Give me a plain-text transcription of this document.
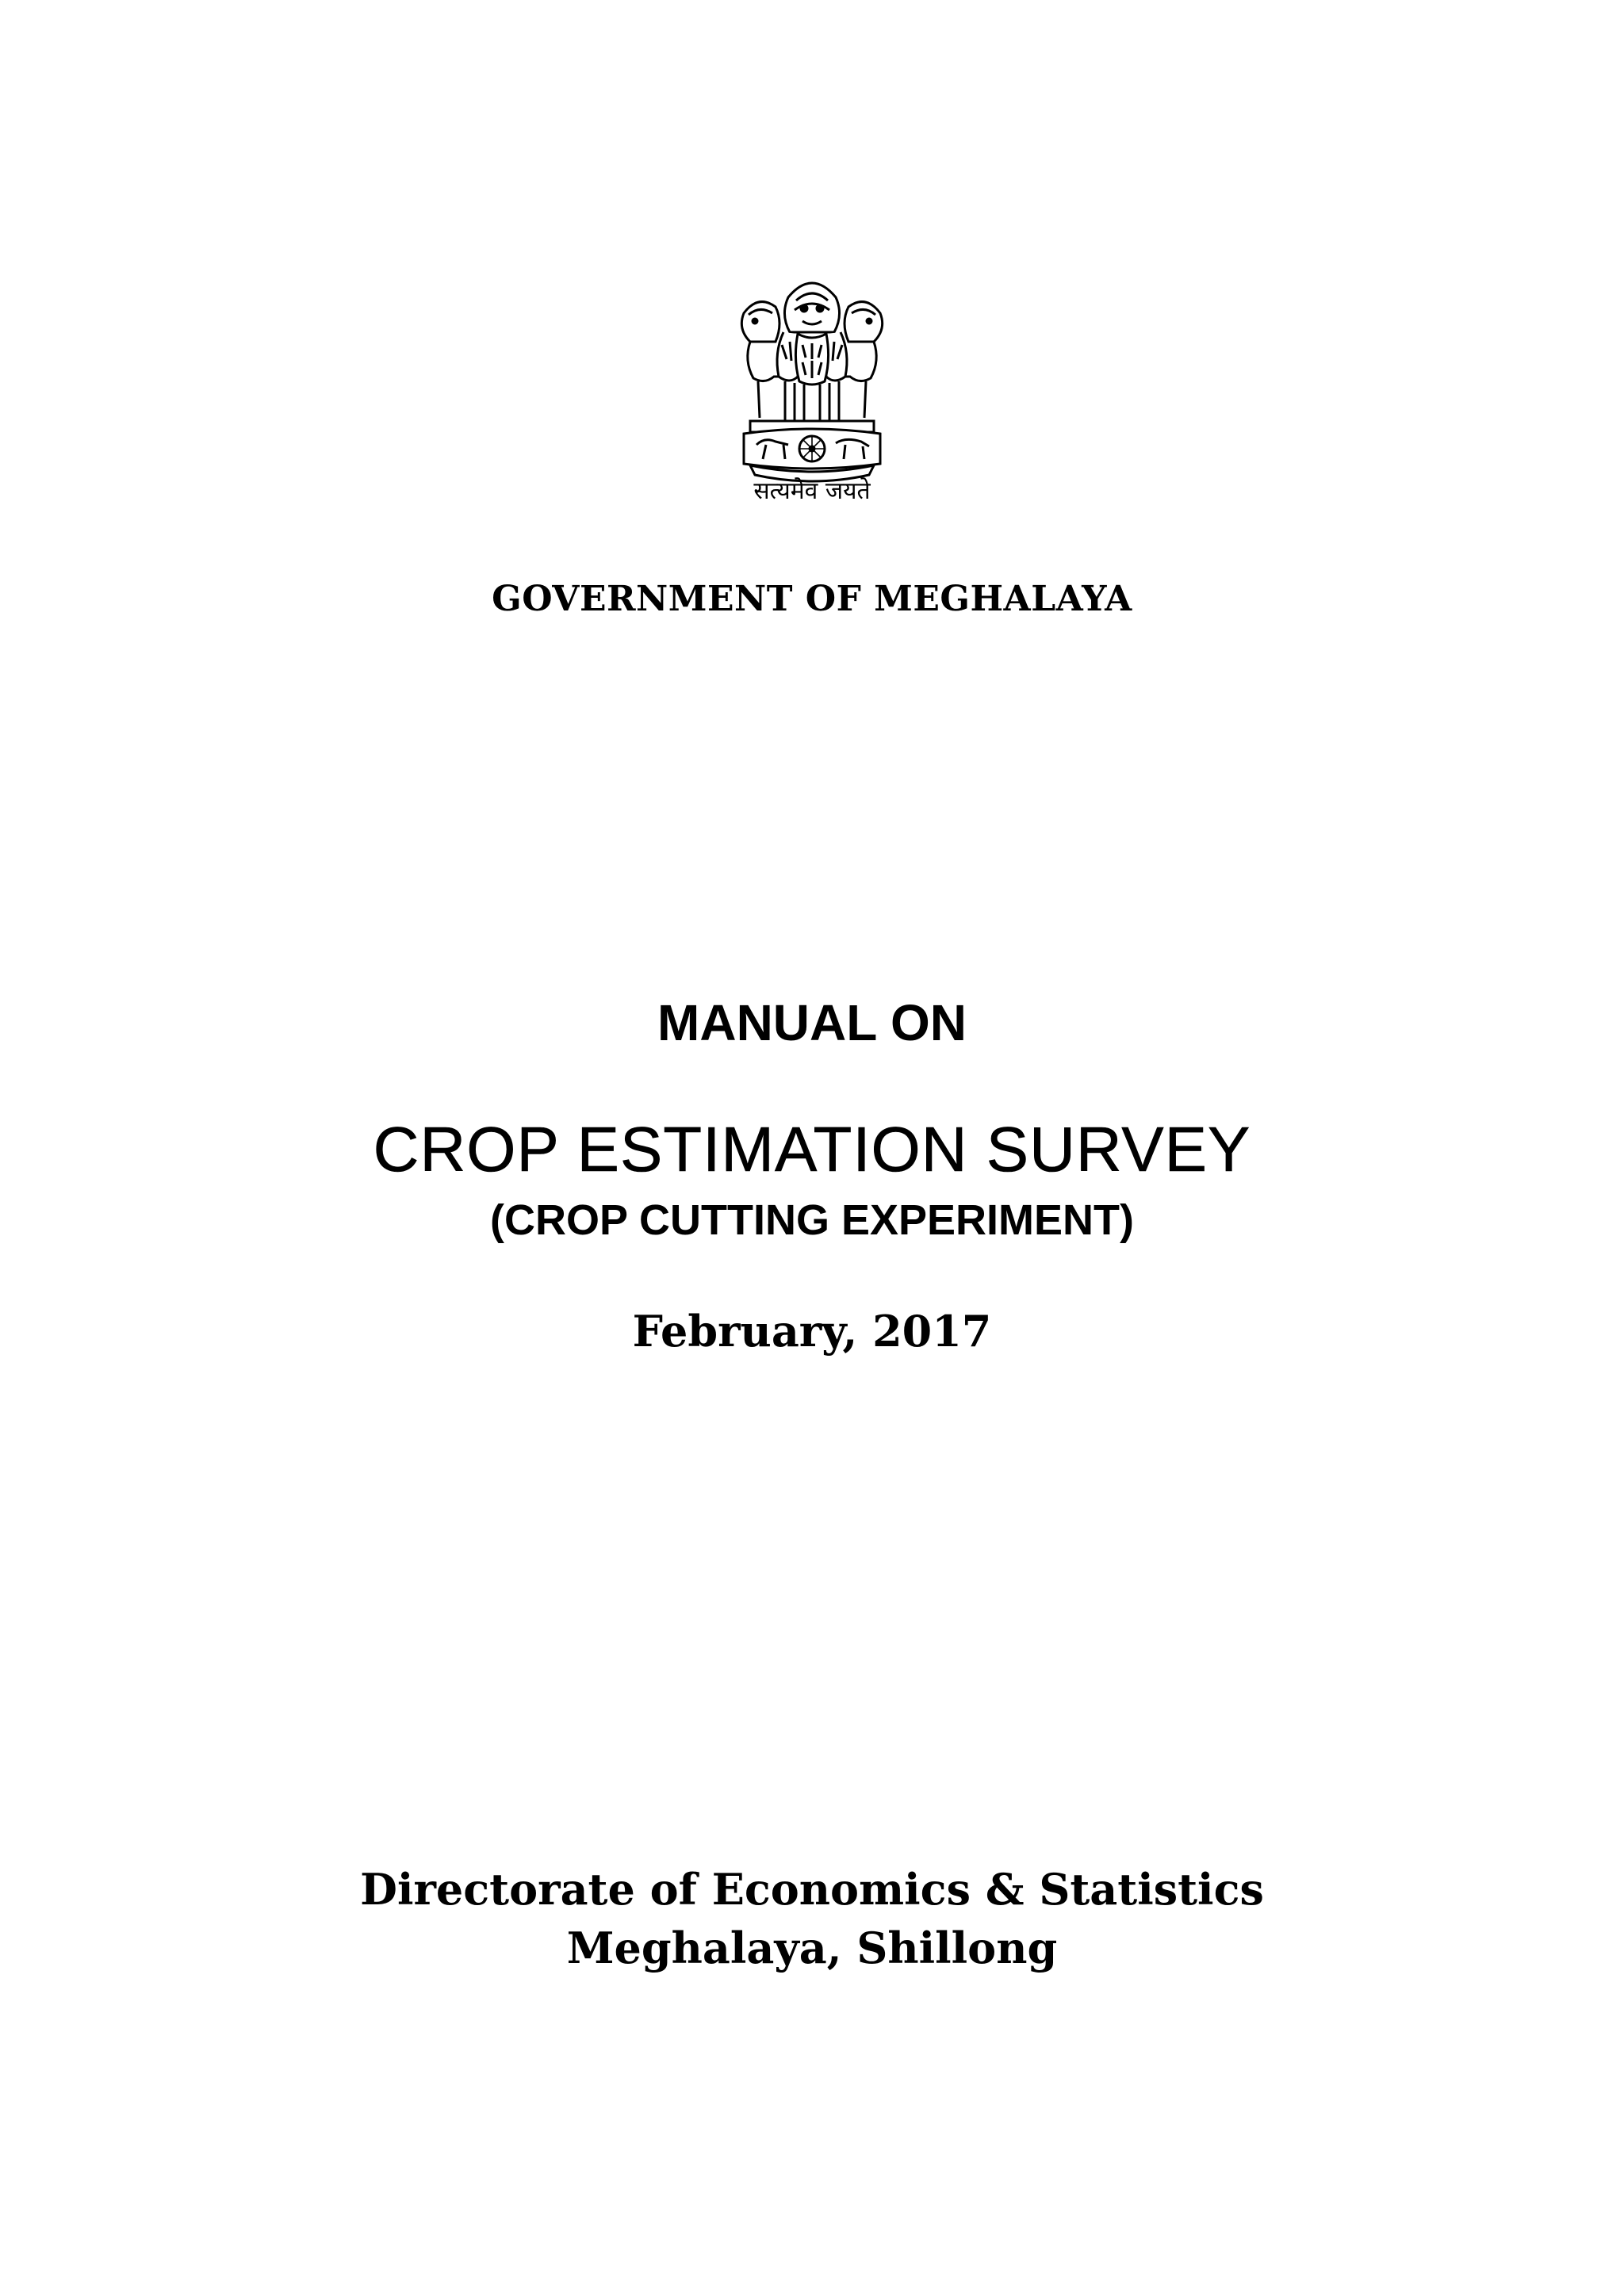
सत्यमेव जयते
GOVERNMENT OF MEGHALAYA
MANUAL ON
CROP ESTIMATION SURVEY
(CROP CUTTING EXPERIMENT)
February, 2017
Directorate of Economics & Statistics
Meghalaya, Shillong
